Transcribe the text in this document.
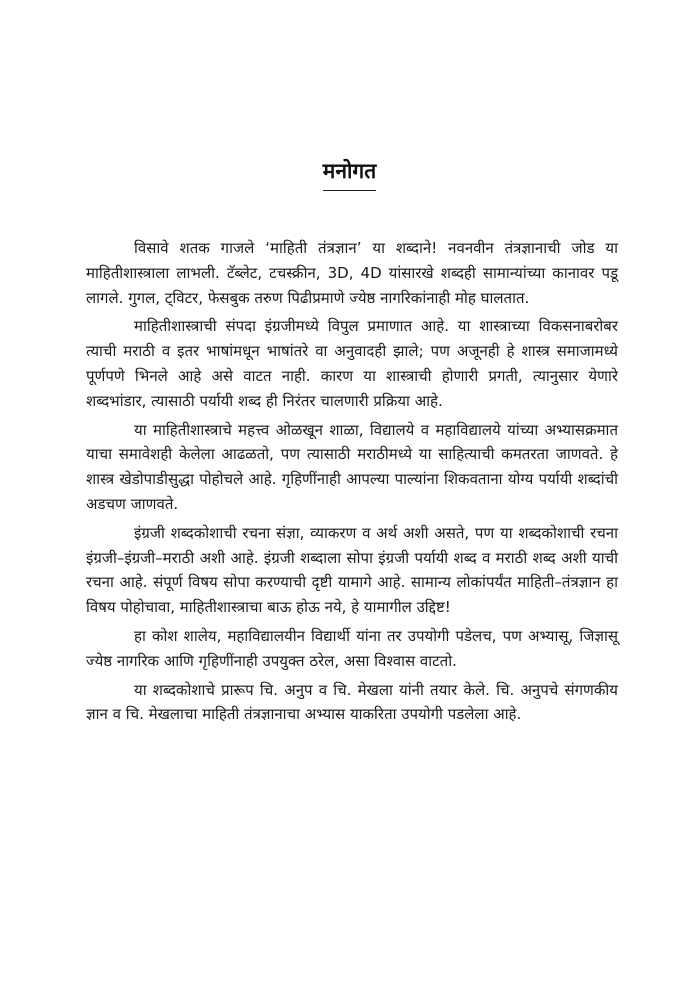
मनोगत

विसावे शतक गाजले ‘माहिती तंत्रज्ञान’ या शब्दाने! नवनवीन तंत्रज्ञानाची जोड या माहितीशास्त्राला लाभली. टॅब्लेट, टचस्क्रीन, 3D, 4D यांसारखे शब्दही सामान्यांच्या कानावर पडू लागले. गुगल, ट्विटर, फेसबुक तरुण पिढीप्रमाणे ज्येष्ठ नागरिकांनाही मोह घालतात.

माहितीशास्त्राची संपदा इंग्रजीमध्ये विपुल प्रमाणात आहे. या शास्त्राच्या विकसनाबरोबर त्याची मराठी व इतर भाषांमधून भाषांतरे वा अनुवादही झाले; पण अजूनही हे शास्त्र समाजामध्ये पूर्णपणे भिनले आहे असे वाटत नाही. कारण या शास्त्राची होणारी प्रगती, त्यानुसार येणारे शब्दभांडार, त्यासाठी पर्यायी शब्द ही निरंतर चालणारी प्रक्रिया आहे.

या माहितीशास्त्राचे महत्त्व ओळखून शाळा, विद्यालये व महाविद्यालये यांच्या अभ्यासक्रमात याचा समावेशही केलेला आढळतो, पण त्यासाठी मराठीमध्ये या साहित्याची कमतरता जाणवते. हे शास्त्र खेडोपाडीसुद्धा पोहोचले आहे. गृहिणींनाही आपल्या पाल्यांना शिकवताना योग्य पर्यायी शब्दांची अडचण जाणवते.

इंग्रजी शब्दकोशाची रचना संज्ञा, व्याकरण व अर्थ अशी असते, पण या शब्दकोशाची रचना इंग्रजी–इंग्रजी–मराठी अशी आहे. इंग्रजी शब्दाला सोपा इंग्रजी पर्यायी शब्द व मराठी शब्द अशी याची रचना आहे. संपूर्ण विषय सोपा करण्याची दृष्टी यामागे आहे. सामान्य लोकांपर्यंत माहिती–तंत्रज्ञान हा विषय पोहोचावा, माहितीशास्त्राचा बाऊ होऊ नये, हे यामागील उद्दिष्ट!

हा कोश शालेय, महाविद्यालयीन विद्यार्थी यांना तर उपयोगी पडेलच, पण अभ्यासू, जिज्ञासू ज्येष्ठ नागरिक आणि गृहिणींनाही उपयुक्त ठरेल, असा विश्वास वाटतो.

या शब्दकोशाचे प्रारूप चि. अनुप व चि. मेखला यांनी तयार केले. चि. अनुपचे संगणकीय ज्ञान व चि. मेखलाचा माहिती तंत्रज्ञानाचा अभ्यास याकरिता उपयोगी पडलेला आहे.
